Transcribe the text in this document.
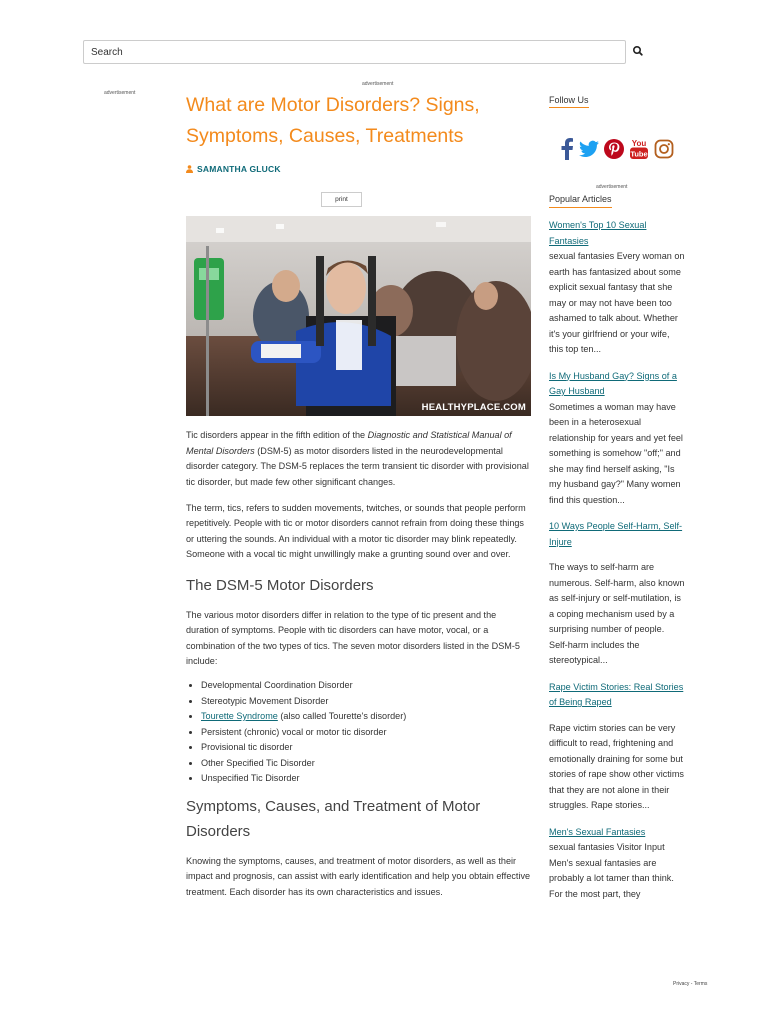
Search
advertisement
advertisement
advertisement
What are Motor Disorders? Signs, Symptoms, Causes, Treatments
SAMANTHA GLUCK
print
HEALTHYPLACE.COM

Tic disorders appear in the fifth edition of the Diagnostic and Statistical Manual of Mental Disorders (DSM-5) as motor disorders listed in the neurodevelopmental disorder category. The DSM-5 replaces the term transient tic disorder with provisional tic disorder, but made few other significant changes.

The term, tics, refers to sudden movements, twitches, or sounds that people perform repetitively. People with tic or motor disorders cannot refrain from doing these things or uttering the sounds. An individual with a motor tic disorder may blink repeatedly. Someone with a vocal tic might unwillingly make a grunting sound over and over.

The DSM-5 Motor Disorders

The various motor disorders differ in relation to the type of tic present and the duration of symptoms. People with tic disorders can have motor, vocal, or a combination of the two types of tics. The seven motor disorders listed in the DSM-5 include:

• Developmental Coordination Disorder
• Stereotypic Movement Disorder
• Tourette Syndrome (also called Tourette's disorder)
• Persistent (chronic) vocal or motor tic disorder
• Provisional tic disorder
• Other Specified Tic Disorder
• Unspecified Tic Disorder
Symptoms, Causes, and Treatment of Motor Disorders

Knowing the symptoms, causes, and treatment of motor disorders, as well as their impact and prognosis, can assist with early identification and help you obtain effective treatment. Each disorder has its own characteristics and issues.

Follow Us
You
Tube
Popular Articles
Women's Top 10 Sexual Fantasies
sexual fantasies Every woman on earth has fantasized about some explicit sexual fantasy that she may or may not have been too ashamed to talk about. Whether it's your girlfriend or your wife, this top ten...
Is My Husband Gay? Signs of a Gay Husband
Sometimes a woman may have been in a heterosexual relationship for years and yet feel something is somehow "off;" and she may find herself asking, "Is my husband gay?" Many women find this question...
10 Ways People Self-Harm, Self-Injure
The ways to self-harm are numerous. Self-harm, also known as self-injury or self-mutilation, is a coping mechanism used by a surprising number of people. Self-harm includes the stereotypical...
Rape Victim Stories: Real Stories of Being Raped
Rape victim stories can be very difficult to read, frightening and emotionally draining for some but stories of rape show other victims that they are not alone in their struggles. Rape stories...
Men's Sexual Fantasies
sexual fantasies Visitor Input Men's sexual fantasies are probably a lot tamer than think. For the most part, they
Privacy - Terms
